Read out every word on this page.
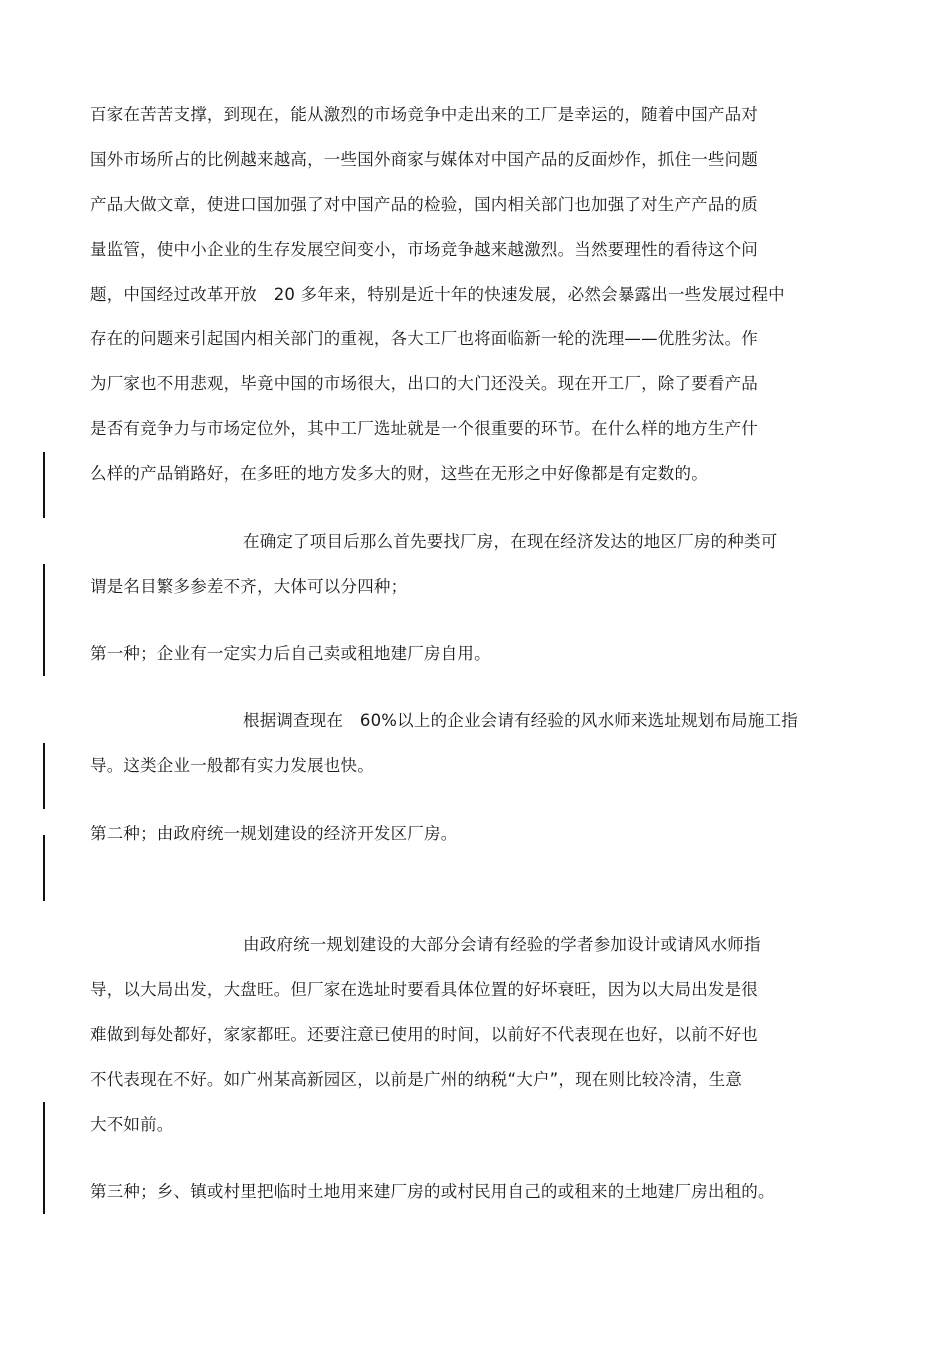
百家在苦苦支撑，到现在，能从激烈的市场竞争中走出来的工厂是幸运的，随着中国产品对
国外市场所占的比例越来越高，一些国外商家与媒体对中国产品的反面炒作，抓住一些问题
产品大做文章，使进口国加强了对中国产品的检验，国内相关部门也加强了对生产产品的质
量监管，使中小企业的生存发展空间变小，市场竞争越来越激烈。当然要理性的看待这个问
题，中国经过改革开放　20 多年来，特别是近十年的快速发展，必然会暴露出一些发展过程中
存在的问题来引起国内相关部门的重视，各大工厂也将面临新一轮的洗理——优胜劣汰。作
为厂家也不用悲观，毕竟中国的市场很大，出口的大门还没关。现在开工厂，除了要看产品
是否有竞争力与市场定位外，其中工厂选址就是一个很重要的环节。在什么样的地方生产什
么样的产品销路好，在多旺的地方发多大的财，这些在无形之中好像都是有定数的。
在确定了项目后那么首先要找厂房，在现在经济发达的地区厂房的种类可
谓是名目繁多参差不齐，大体可以分四种；
第一种；企业有一定实力后自己卖或租地建厂房自用。
根据调查现在　60%以上的企业会请有经验的风水师来选址规划布局施工指
导。这类企业一般都有实力发展也快。
第二种；由政府统一规划建设的经济开发区厂房。
由政府统一规划建设的大部分会请有经验的学者参加设计或请风水师指
导，以大局出发，大盘旺。但厂家在选址时要看具体位置的好坏衰旺，因为以大局出发是很
难做到每处都好，家家都旺。还要注意已使用的时间，以前好不代表现在也好，以前不好也
不代表现在不好。如广州某高新园区，以前是广州的纳税“大户”，现在则比较冷清，生意
大不如前。
第三种；乡、镇或村里把临时土地用来建厂房的或村民用自己的或租来的土地建厂房出租的。
